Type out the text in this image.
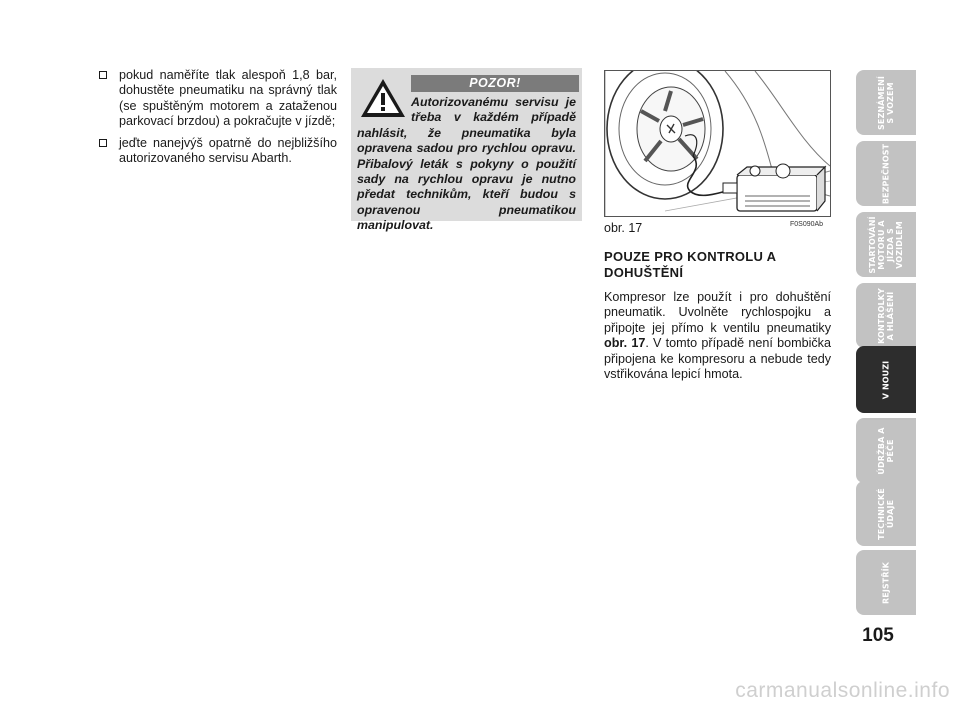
pokud naměříte tlak alespoň 1,8 bar, dohustěte pneumatiku na správný tlak (se spuštěným motorem a zataženou parkovací brzdou) a pokračujte v jízdě;
jeďte nanejvýš opatrně do nejbližšího autorizovaného servisu Abarth.
POZOR!
Autorizovanému servisu je třeba v každém případě nahlásit, že pneumatika byla opravena sadou pro rychlou opravu. Přibalový leták s pokyny o použití sady na rychlou opravu je nutno předat technikům, kteří budou s opravenou pneumatikou manipulovat.	obr. 17	F0S090Ab
POUZE PRO KONTROLU A DOHUŠTĚNÍ
Kompresor lze použít i pro dohuštění pneumatik. Uvolněte rychlospojku a připojte jej přímo k ventilu pneumatiky obr. 17. V tomto případě není bombička připojena ke kompresoru a nebude tedy vstřikována lepicí hmota.
SEZNÁMENÍ S VOZEM
BEZPEČNOST
STARTOVÁNÍ MOTORU A JÍZDA S VOZIDLEM
KONTROLKY A HLÁŠENÍ
V NOUZI
ÚDRŽBA A PÉČE
TECHNICKÉ ÚDAJE
REJSTŘÍK
105
carmanualsonline.info
